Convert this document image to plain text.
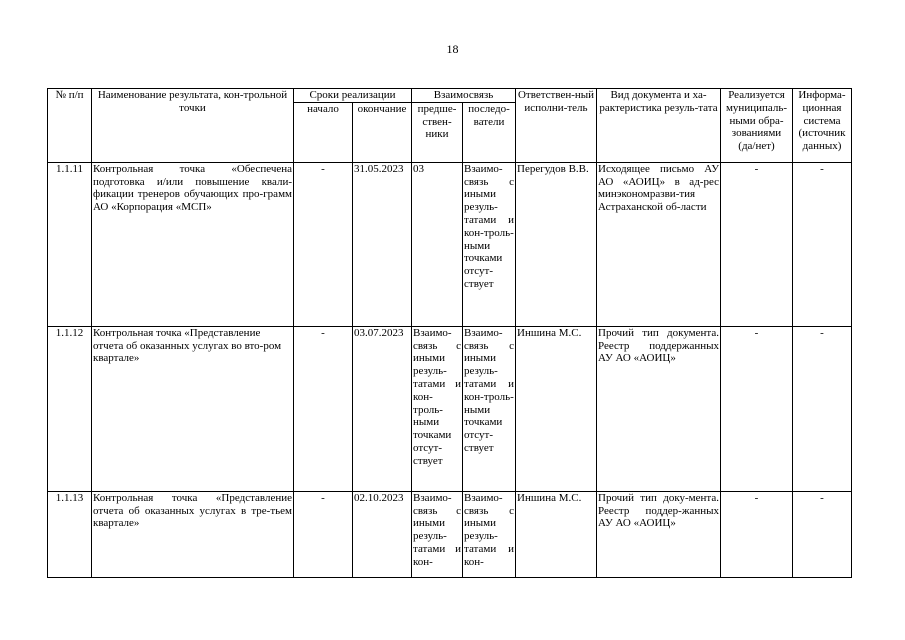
18
№ п/п	Наименование результата, кон-трольной точки	Сроки реализации		Взаимосвязь		Ответствен-ный исполни-тель	Вид документа и ха-рактеристика резуль-тата	Реализуется муниципаль-ными обра-зованиями (да/нет)	Информа-ционная система (источник данных)
		начало	окончание	предше-ствен-ники	последо-ватели				
1.1.11	Контрольная точка «Обеспечена подготовка и/или повышение квали-фикации тренеров обучающих про-грамм АО «Корпорация «МСП»	-	31.05.2023	03	Взаимо-связь с иными резуль-татами и кон-троль-ными точками отсут-ствует	Перегудов В.В.	Исходящее письмо АУ АО «АОИЦ» в ад-рес минэкономразви-тия Астраханской об-ласти	-	-
1.1.12	Контрольная точка «Представление отчета об оказанных услугах во вто-ром квартале»	-	03.07.2023	Взаимо-связь с иными резуль-татами и кон-троль-ными точками отсут-ствует	Взаимо-связь с иными резуль-татами и кон-троль-ными точками отсут-ствует	Иншина М.С.	Прочий тип документа. Реестр поддержанных АУ АО «АОИЦ»	-	-
1.1.13	Контрольная точка «Представление отчета об оказанных услугах в тре-тьем квартале»	-	02.10.2023	Взаимо-связь с иными резуль-татами и кон-	Взаимо-связь с иными резуль-татами и кон-	Иншина М.С.	Прочий тип доку-мента. Реестр поддер-жанных АУ АО «АОИЦ»	-	-
